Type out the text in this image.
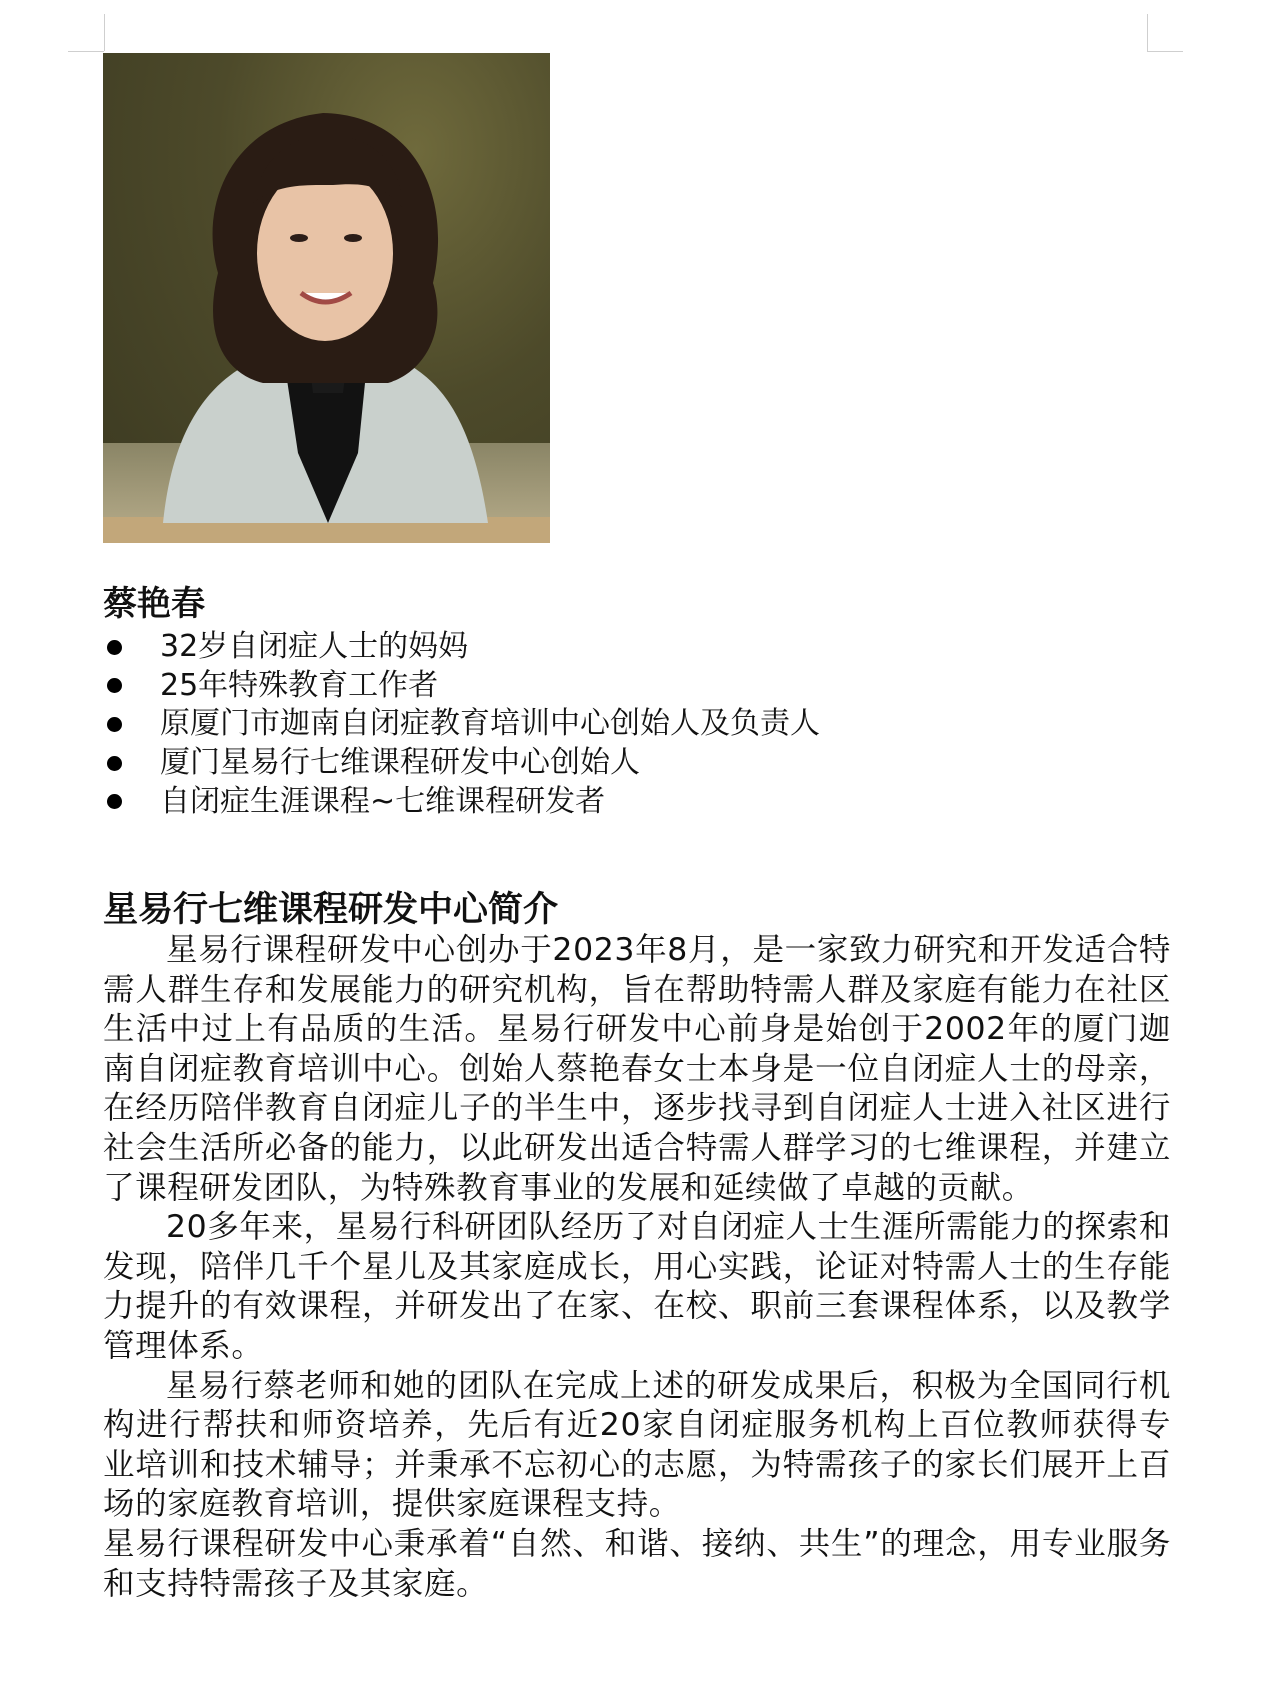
蔡艳春
32岁自闭症人士的妈妈
25年特殊教育工作者
原厦门市迦南自闭症教育培训中心创始人及负责人
厦门星易行七维课程研发中心创始人
自闭症生涯课程~七维课程研发者
星易行七维课程研发中心简介

星易行课程研发中心创办于2023年8月，是一家致力研究和开发适合特需人群生存和发展能力的研究机构，旨在帮助特需人群及家庭有能力在社区生活中过上有品质的生活。星易行研发中心前身是始创于2002年的厦门迦南自闭症教育培训中心。创始人蔡艳春女士本身是一位自闭症人士的母亲，在经历陪伴教育自闭症儿子的半生中，逐步找寻到自闭症人士进入社区进行社会生活所必备的能力，以此研发出适合特需人群学习的七维课程，并建立了课程研发团队，为特殊教育事业的发展和延续做了卓越的贡献。

20多年来，星易行科研团队经历了对自闭症人士生涯所需能力的探索和发现，陪伴几千个星儿及其家庭成长，用心实践，论证对特需人士的生存能力提升的有效课程，并研发出了在家、在校、职前三套课程体系，以及教学管理体系。

星易行蔡老师和她的团队在完成上述的研发成果后，积极为全国同行机构进行帮扶和师资培养，先后有近20家自闭症服务机构上百位教师获得专业培训和技术辅导；并秉承不忘初心的志愿，为特需孩子的家长们展开上百场的家庭教育培训，提供家庭课程支持。

星易行课程研发中心秉承着“自然、和谐、接纳、共生”的理念，用专业服务和支持特需孩子及其家庭。
